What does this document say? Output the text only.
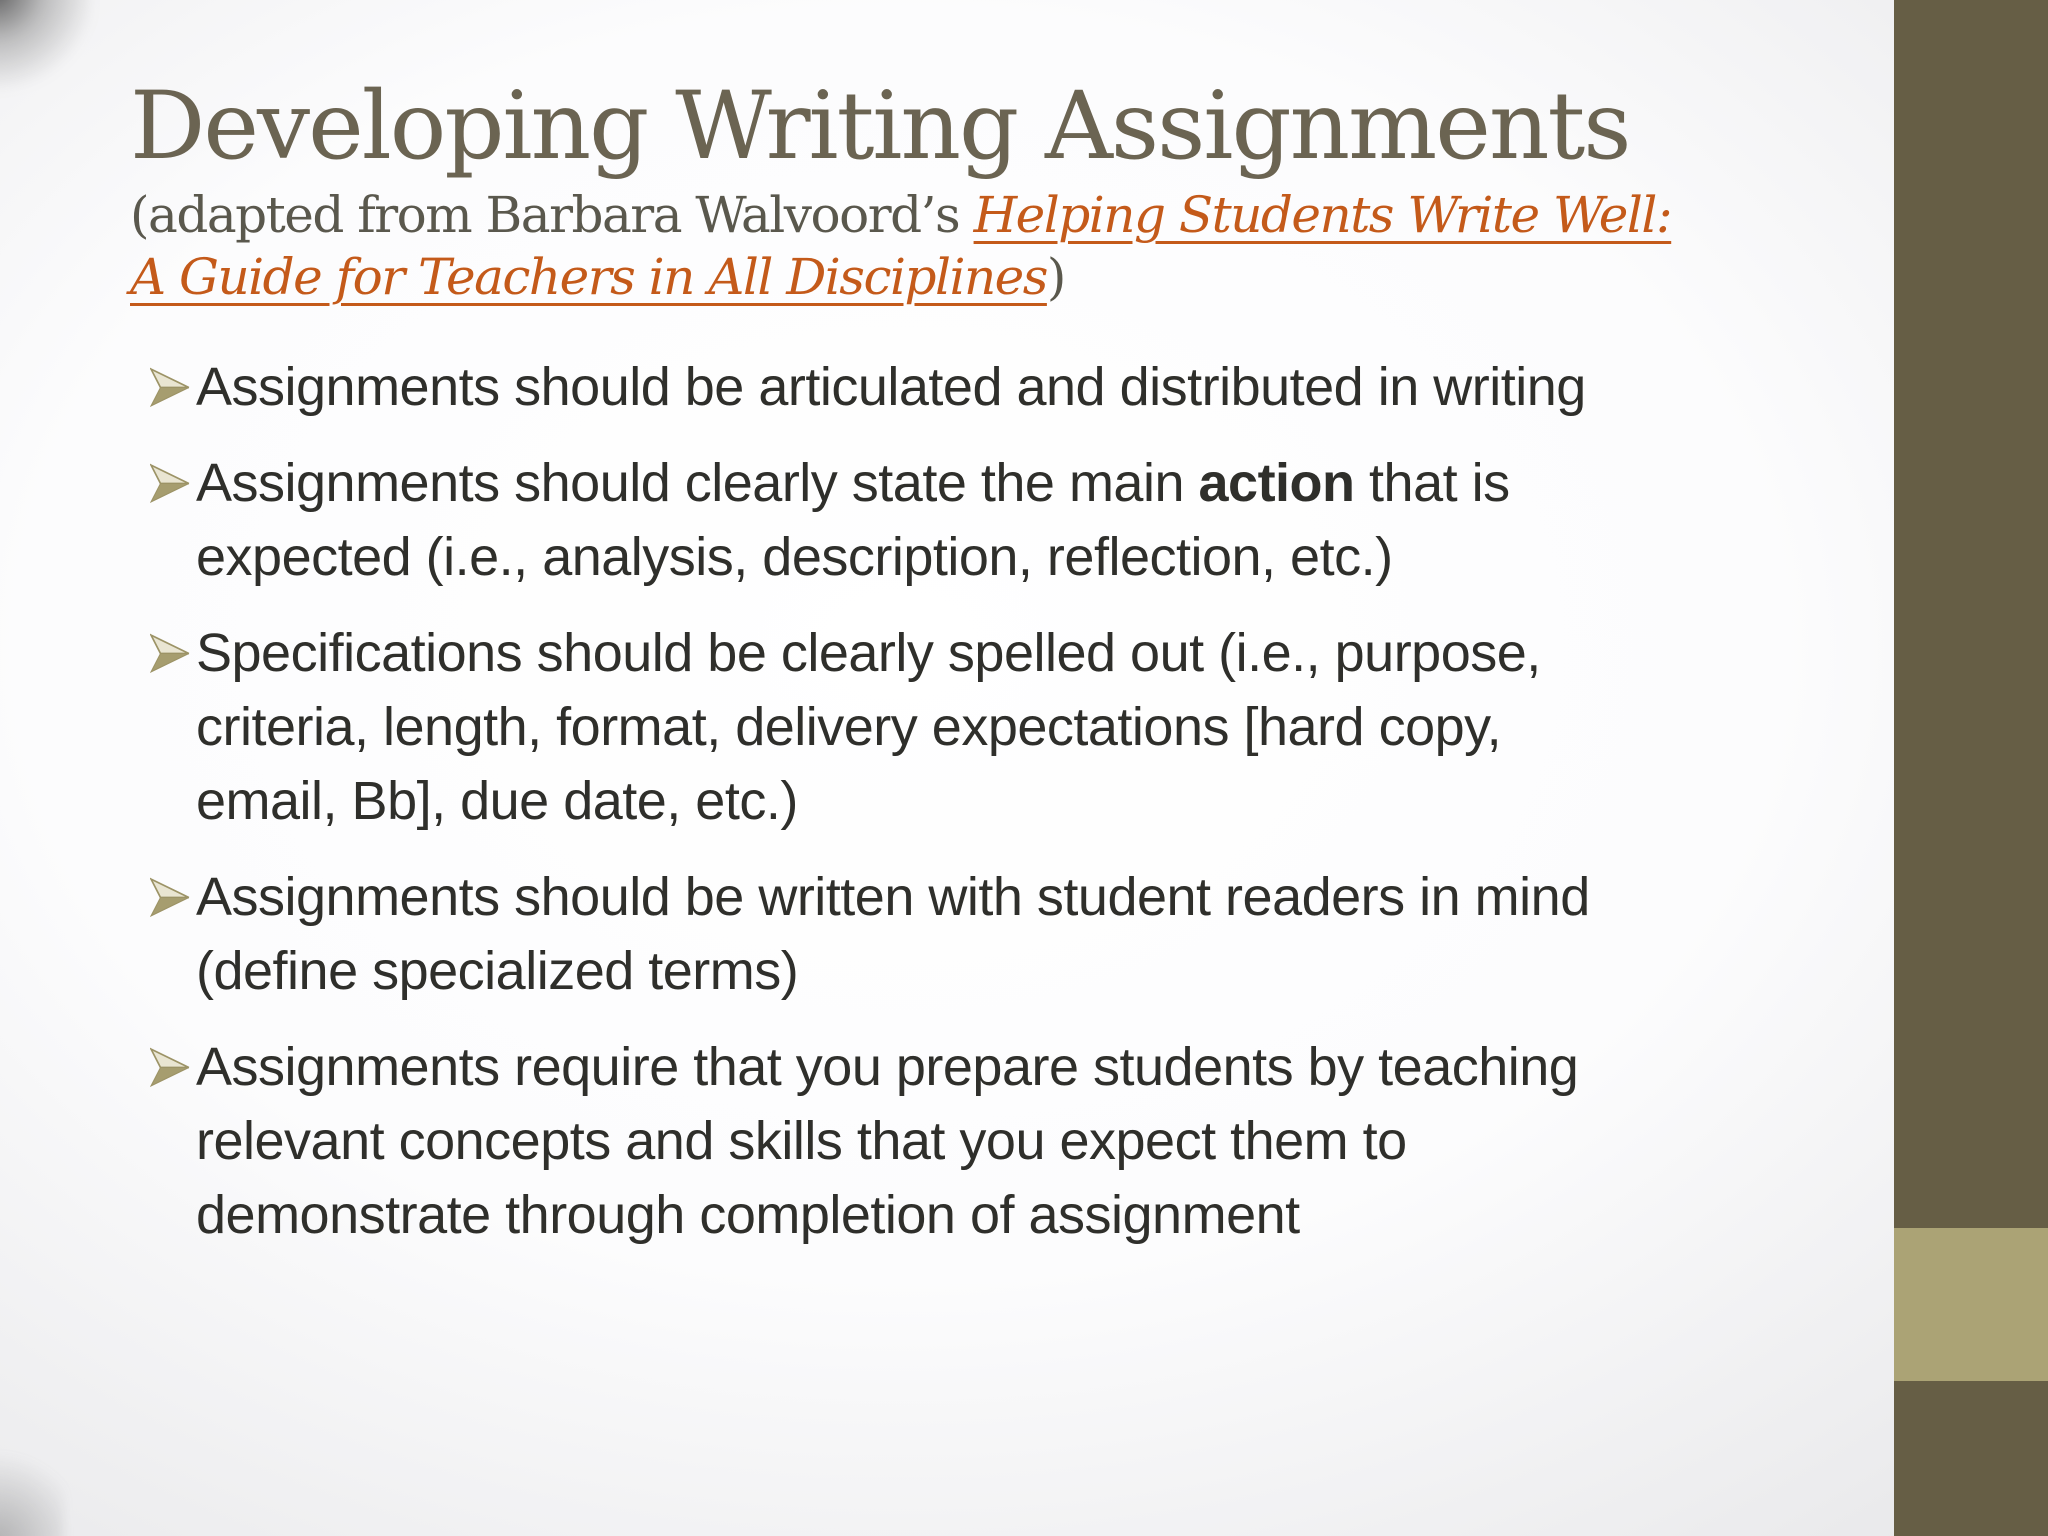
Developing Writing Assignments
(adapted from Barbara Walvoord’s Helping Students Write Well:
A Guide for Teachers in All Disciplines)
Assignments should be articulated and distributed in writing
Assignments should clearly state the main action that is
expected (i.e., analysis, description, reflection, etc.)
Specifications should be clearly spelled out (i.e., purpose,
criteria, length, format, delivery expectations [hard copy,
email, Bb], due date, etc.)
Assignments should be written with student readers in mind
(define specialized terms)
Assignments require that you prepare students by teaching
relevant concepts and skills that you expect them to
demonstrate through completion of assignment
